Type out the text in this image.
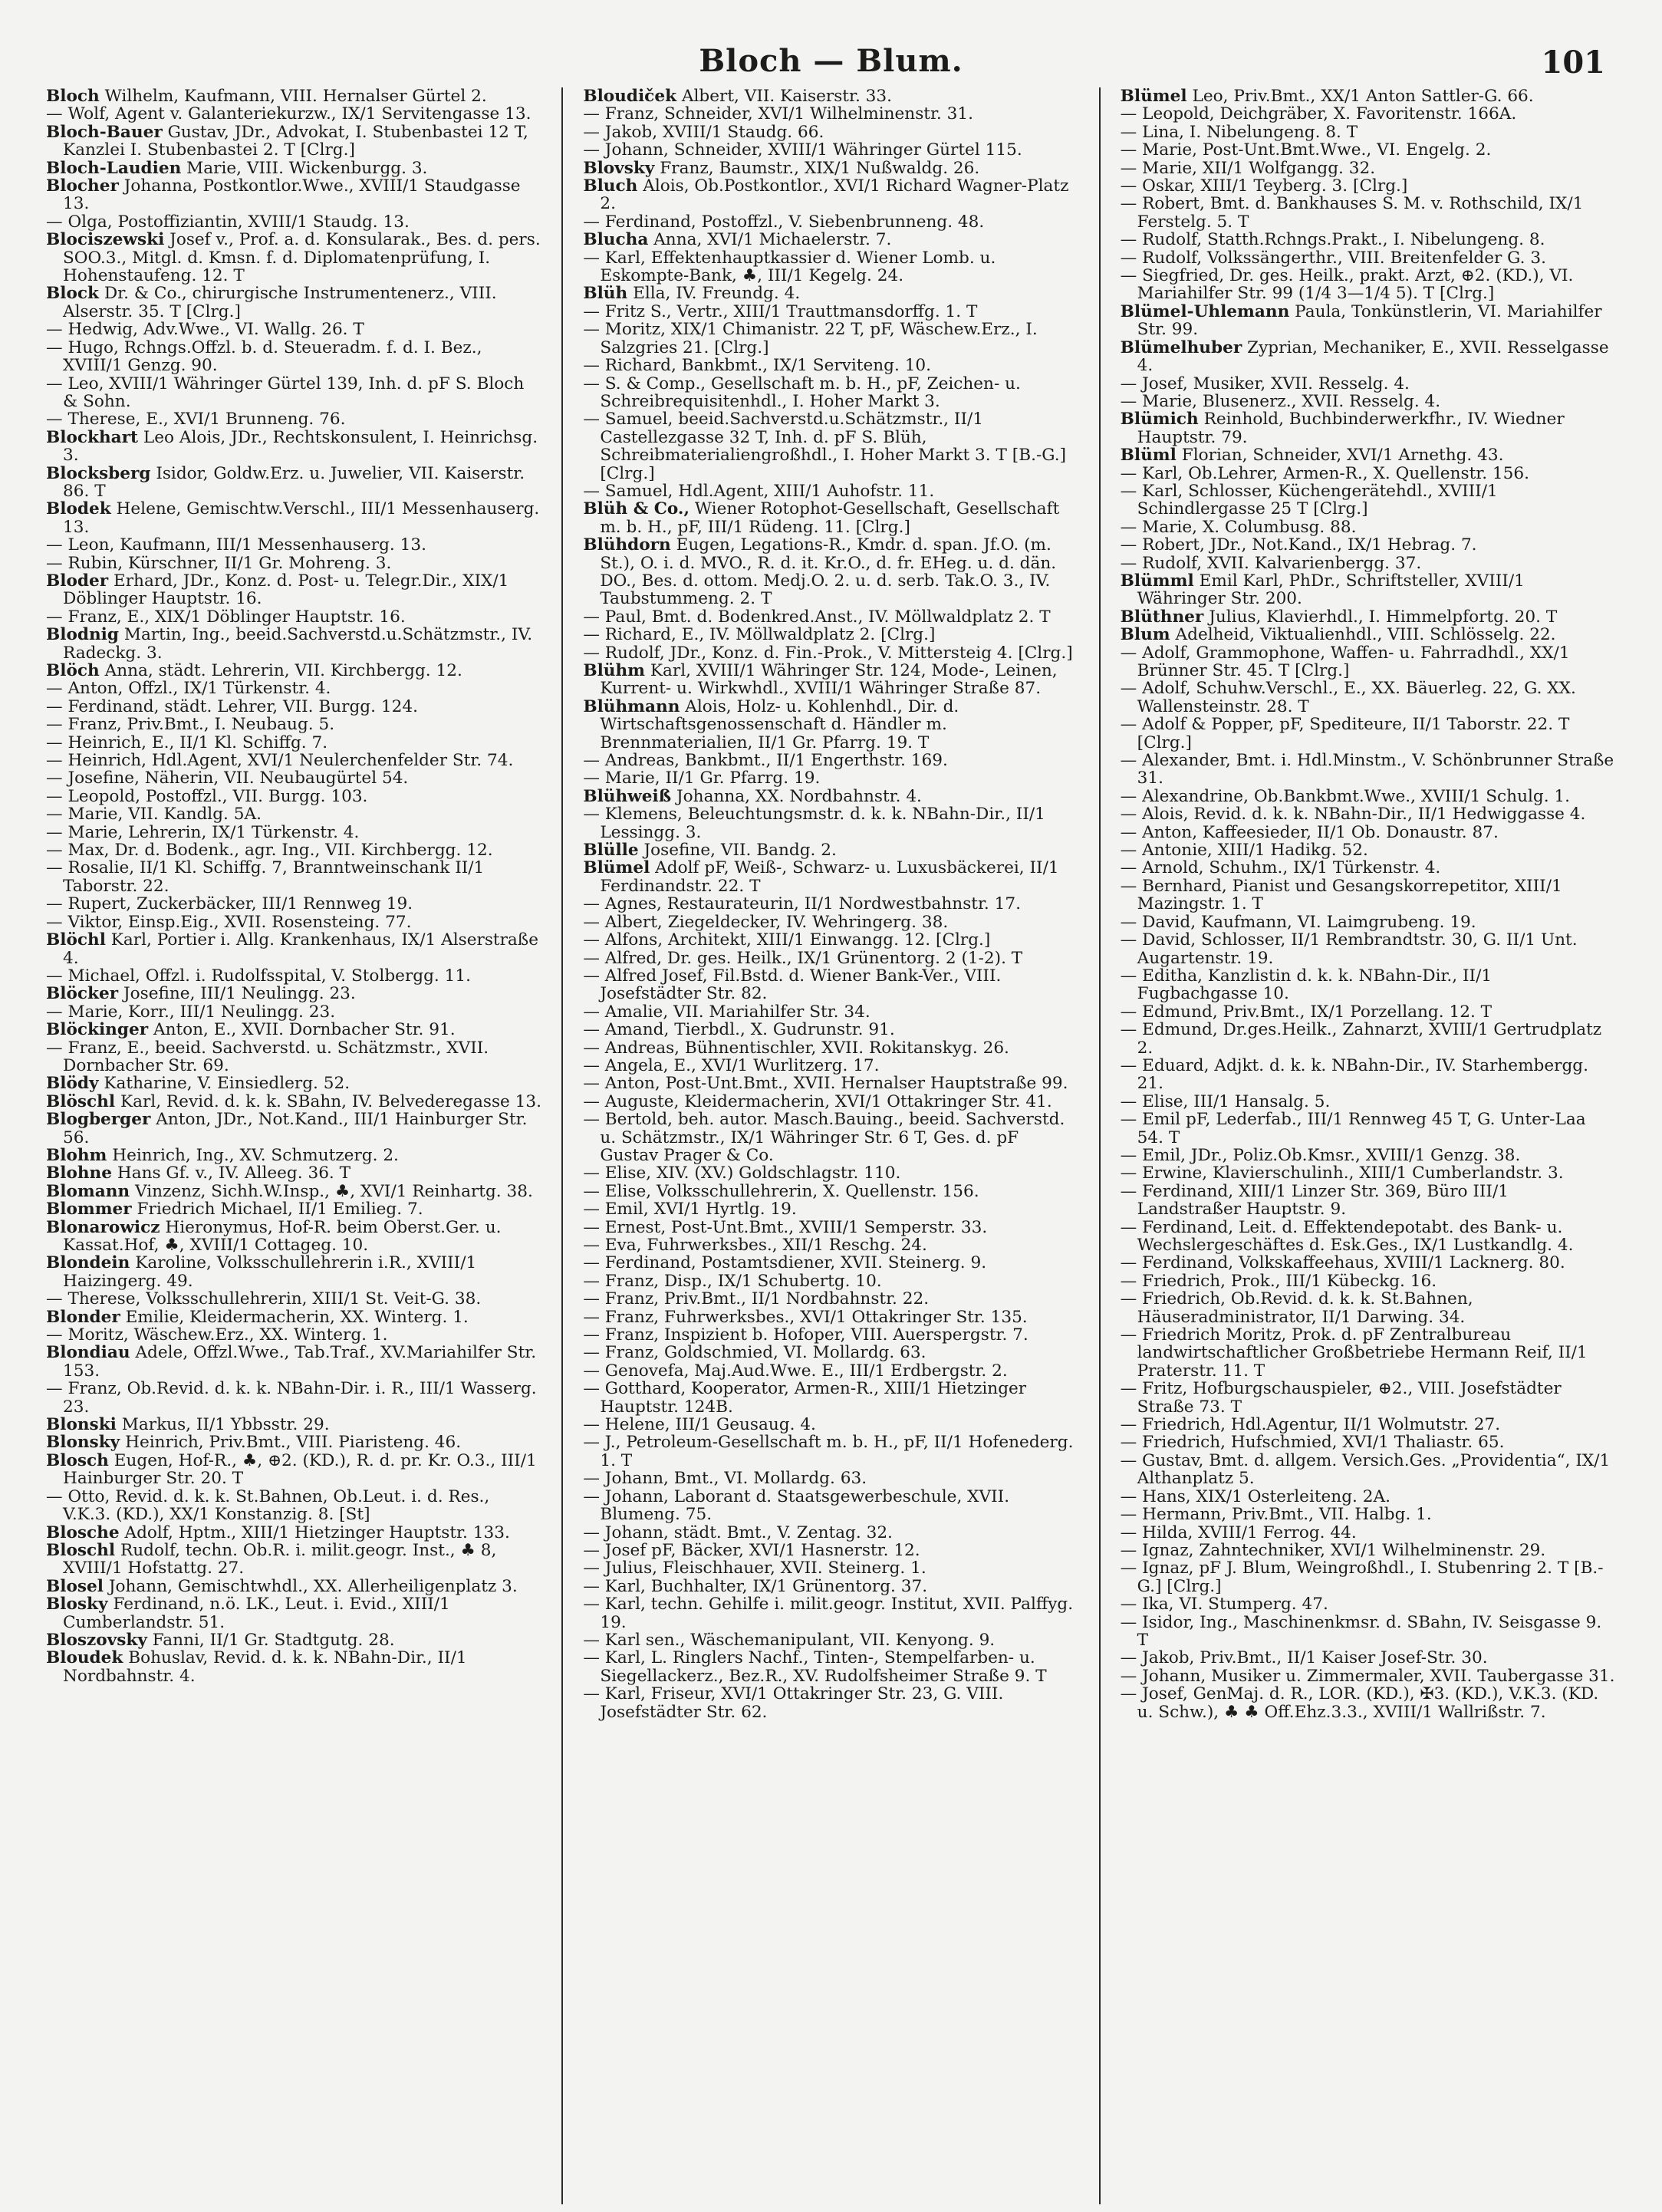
Bloch — Blum.	101

Bloch Wilhelm, Kaufmann, VIII. Hernalser Gürtel 2.

— Wolf, Agent v. Galanteriekurzw., IX/1 Servitengasse 13.

Bloch-Bauer Gustav, JDr., Advokat, I. Stubenbastei 12 T, Kanzlei I. Stubenbastei 2. T [Clrg.]

Bloch-Laudien Marie, VIII. Wickenburgg. 3.

Blocher Johanna, Postkontlor.Wwe., XVIII/1 Staudgasse 13.

— Olga, Postoffiziantin, XVIII/1 Staudg. 13.

Blociszewski Josef v., Prof. a. d. Konsularak., Bes. d. pers. SOO.3., Mitgl. d. Kmsn. f. d. Diplomatenprüfung, I. Hohenstaufeng. 12. T

Block Dr. & Co., chirurgische Instrumentenerz., VIII. Alserstr. 35. T [Clrg.]

— Hedwig, Adv.Wwe., VI. Wallg. 26. T

— Hugo, Rchngs.Offzl. b. d. Steueradm. f. d. I. Bez., XVIII/1 Genzg. 90.

— Leo, XVIII/1 Währinger Gürtel 139, Inh. d. pF S. Bloch & Sohn.

— Therese, E., XVI/1 Brunneng. 76.

Blockhart Leo Alois, JDr., Rechtskonsulent, I. Heinrichsg. 3.

Blocksberg Isidor, Goldw.Erz. u. Juwelier, VII. Kaiserstr. 86. T

Blodek Helene, Gemischtw.Verschl., III/1 Messenhauserg. 13.

— Leon, Kaufmann, III/1 Messenhauserg. 13.

— Rubin, Kürschner, II/1 Gr. Mohreng. 3.

Bloder Erhard, JDr., Konz. d. Post- u. Telegr.Dir., XIX/1 Döblinger Hauptstr. 16.

— Franz, E., XIX/1 Döblinger Hauptstr. 16.

Blodnig Martin, Ing., beeid.Sachverstd.u.Schätzmstr., IV. Radeckg. 3.

Blöch Anna, städt. Lehrerin, VII. Kirchbergg. 12.

— Anton, Offzl., IX/1 Türkenstr. 4.

— Ferdinand, städt. Lehrer, VII. Burgg. 124.

— Franz, Priv.Bmt., I. Neubaug. 5.

— Heinrich, E., II/1 Kl. Schiffg. 7.

— Heinrich, Hdl.Agent, XVI/1 Neulerchenfelder Str. 74.

— Josefine, Näherin, VII. Neubaugürtel 54.

— Leopold, Postoffzl., VII. Burgg. 103.

— Marie, VII. Kandlg. 5A.

— Marie, Lehrerin, IX/1 Türkenstr. 4.

— Max, Dr. d. Bodenk., agr. Ing., VII. Kirchbergg. 12.

— Rosalie, II/1 Kl. Schiffg. 7, Branntweinschank II/1 Taborstr. 22.

— Rupert, Zuckerbäcker, III/1 Rennweg 19.

— Viktor, Einsp.Eig., XVII. Rosensteing. 77.

Blöchl Karl, Portier i. Allg. Krankenhaus, IX/1 Alserstraße 4.

— Michael, Offzl. i. Rudolfsspital, V. Stolbergg. 11.

Blöcker Josefine, III/1 Neulingg. 23.

— Marie, Korr., III/1 Neulingg. 23.

Blöckinger Anton, E., XVII. Dornbacher Str. 91.

— Franz, E., beeid. Sachverstd. u. Schätzmstr., XVII. Dornbacher Str. 69.

Blödy Katharine, V. Einsiedlerg. 52.

Blöschl Karl, Revid. d. k. k. SBahn, IV. Belvederegasse 13.

Blogberger Anton, JDr., Not.Kand., III/1 Hainburger Str. 56.

Blohm Heinrich, Ing., XV. Schmutzerg. 2.

Blohne Hans Gf. v., IV. Alleeg. 36. T

Blomann Vinzenz, Sichh.W.Insp., ♣, XVI/1 Reinhartg. 38.

Blommer Friedrich Michael, II/1 Emilieg. 7.

Blonarowicz Hieronymus, Hof-R. beim Oberst.Ger. u. Kassat.Hof, ♣, XVIII/1 Cottageg. 10.

Blondein Karoline, Volksschullehrerin i.R., XVIII/1 Haizingerg. 49.

— Therese, Volksschullehrerin, XIII/1 St. Veit-G. 38.

Blonder Emilie, Kleidermacherin, XX. Winterg. 1.

— Moritz, Wäschew.Erz., XX. Winterg. 1.

Blondiau Adele, Offzl.Wwe., Tab.Traf., XV.Mariahilfer Str. 153.

— Franz, Ob.Revid. d. k. k. NBahn-Dir. i. R., III/1 Wasserg. 23.

Blonski Markus, II/1 Ybbsstr. 29.

Blonsky Heinrich, Priv.Bmt., VIII. Piaristeng. 46.

Blosch Eugen, Hof-R., ♣, ⊕2. (KD.), R. d. pr. Kr. O.3., III/1 Hainburger Str. 20. T

— Otto, Revid. d. k. k. St.Bahnen, Ob.Leut. i. d. Res., V.K.3. (KD.), XX/1 Konstanzig. 8. [St]

Blosche Adolf, Hptm., XIII/1 Hietzinger Hauptstr. 133.

Bloschl Rudolf, techn. Ob.R. i. milit.geogr. Inst., ♣ 8, XVIII/1 Hofstattg. 27.

Blosel Johann, Gemischtwhdl., XX. Allerheiligenplatz 3.

Blosky Ferdinand, n.ö. LK., Leut. i. Evid., XIII/1 Cumberlandstr. 51.

Bloszovsky Fanni, II/1 Gr. Stadtgutg. 28.

Bloudek Bohuslav, Revid. d. k. k. NBahn-Dir., II/1 Nordbahnstr. 4.

Bloudiček Albert, VII. Kaiserstr. 33.

— Franz, Schneider, XVI/1 Wilhelminenstr. 31.

— Jakob, XVIII/1 Staudg. 66.

— Johann, Schneider, XVIII/1 Währinger Gürtel 115.

Blovsky Franz, Baumstr., XIX/1 Nußwaldg. 26.

Bluch Alois, Ob.Postkontlor., XVI/1 Richard Wagner-Platz 2.

— Ferdinand, Postoffzl., V. Siebenbrunneng. 48.

Blucha Anna, XVI/1 Michaelerstr. 7.

— Karl, Effektenhauptkassier d. Wiener Lomb. u. Eskompte-Bank, ♣, III/1 Kegelg. 24.

Blüh Ella, IV. Freundg. 4.

— Fritz S., Vertr., XIII/1 Trauttmansdorffg. 1. T

— Moritz, XIX/1 Chimanistr. 22 T, pF, Wäschew.Erz., I. Salzgries 21. [Clrg.]

— Richard, Bankbmt., IX/1 Serviteng. 10.

— S. & Comp., Gesellschaft m. b. H., pF, Zeichen- u. Schreibrequisitenhdl., I. Hoher Markt 3.

— Samuel, beeid.Sachverstd.u.Schätzmstr., II/1 Castellezgasse 32 T, Inh. d. pF S. Blüh, Schreibmaterialiengroßhdl., I. Hoher Markt 3. T [B.-G.] [Clrg.]

— Samuel, Hdl.Agent, XIII/1 Auhofstr. 11.

Blüh & Co., Wiener Rotophot-Gesellschaft, Gesellschaft m. b. H., pF, III/1 Rüdeng. 11. [Clrg.]

Blühdorn Eugen, Legations-R., Kmdr. d. span. Jf.O. (m. St.), O. i. d. MVO., R. d. it. Kr.O., d. fr. EHeg. u. d. dän. DO., Bes. d. ottom. Medj.O. 2. u. d. serb. Tak.O. 3., IV. Taubstummeng. 2. T

— Paul, Bmt. d. Bodenkred.Anst., IV. Möllwaldplatz 2. T

— Richard, E., IV. Möllwaldplatz 2. [Clrg.]

— Rudolf, JDr., Konz. d. Fin.-Prok., V. Mittersteig 4. [Clrg.]

Blühm Karl, XVIII/1 Währinger Str. 124, Mode-, Leinen, Kurrent- u. Wirkwhdl., XVIII/1 Währinger Straße 87.

Blühmann Alois, Holz- u. Kohlenhdl., Dir. d. Wirtschaftsgenossenschaft d. Händler m. Brennmaterialien, II/1 Gr. Pfarrg. 19. T

— Andreas, Bankbmt., II/1 Engerthstr. 169.

— Marie, II/1 Gr. Pfarrg. 19.

Blühweiß Johanna, XX. Nordbahnstr. 4.

— Klemens, Beleuchtungsmstr. d. k. k. NBahn-Dir., II/1 Lessingg. 3.

Blülle Josefine, VII. Bandg. 2.

Blümel Adolf pF, Weiß-, Schwarz- u. Luxusbäckerei, II/1 Ferdinandstr. 22. T

— Agnes, Restaurateurin, II/1 Nordwestbahnstr. 17.

— Albert, Ziegeldecker, IV. Wehringerg. 38.

— Alfons, Architekt, XIII/1 Einwangg. 12. [Clrg.]

— Alfred, Dr. ges. Heilk., IX/1 Grünentorg. 2 (1-2). T

— Alfred Josef, Fil.Bstd. d. Wiener Bank-Ver., VIII. Josefstädter Str. 82.

— Amalie, VII. Mariahilfer Str. 34.

— Amand, Tierbdl., X. Gudrunstr. 91.

— Andreas, Bühnentischler, XVII. Rokitanskyg. 26.

— Angela, E., XVI/1 Wurlitzerg. 17.

— Anton, Post-Unt.Bmt., XVII. Hernalser Hauptstraße 99.

— Auguste, Kleidermacherin, XVI/1 Ottakringer Str. 41.

— Bertold, beh. autor. Masch.Bauing., beeid. Sachverstd. u. Schätzmstr., IX/1 Währinger Str. 6 T, Ges. d. pF Gustav Prager & Co.

— Elise, XIV. (XV.) Goldschlagstr. 110.

— Elise, Volksschullehrerin, X. Quellenstr. 156.

— Emil, XVI/1 Hyrtlg. 19.

— Ernest, Post-Unt.Bmt., XVIII/1 Semperstr. 33.

— Eva, Fuhrwerksbes., XII/1 Reschg. 24.

— Ferdinand, Postamtsdiener, XVII. Steinerg. 9.

— Franz, Disp., IX/1 Schubertg. 10.

— Franz, Priv.Bmt., II/1 Nordbahnstr. 22.

— Franz, Fuhrwerksbes., XVI/1 Ottakringer Str. 135.

— Franz, Inspizient b. Hofoper, VIII. Auerspergstr. 7.

— Franz, Goldschmied, VI. Mollardg. 63.

— Genovefa, Maj.Aud.Wwe. E., III/1 Erdbergstr. 2.

— Gotthard, Kooperator, Armen-R., XIII/1 Hietzinger Hauptstr. 124B.

— Helene, III/1 Geusaug. 4.

— J., Petroleum-Gesellschaft m. b. H., pF, II/1 Hofenederg. 1. T

— Johann, Bmt., VI. Mollardg. 63.

— Johann, Laborant d. Staatsgewerbeschule, XVII. Blumeng. 75.

— Johann, städt. Bmt., V. Zentag. 32.

— Josef pF, Bäcker, XVI/1 Hasnerstr. 12.

— Julius, Fleischhauer, XVII. Steinerg. 1.

— Karl, Buchhalter, IX/1 Grünentorg. 37.

— Karl, techn. Gehilfe i. milit.geogr. Institut, XVII. Palffyg. 19.

— Karl sen., Wäschemanipulant, VII. Kenyong. 9.

— Karl, L. Ringlers Nachf., Tinten-, Stempelfarben- u. Siegellackerz., Bez.R., XV. Rudolfsheimer Straße 9. T

— Karl, Friseur, XVI/1 Ottakringer Str. 23, G. VIII. Josefstädter Str. 62.

Blümel Leo, Priv.Bmt., XX/1 Anton Sattler-G. 66.

— Leopold, Deichgräber, X. Favoritenstr. 166A.

— Lina, I. Nibelungeng. 8. T

— Marie, Post-Unt.Bmt.Wwe., VI. Engelg. 2.

— Marie, XII/1 Wolfgangg. 32.

— Oskar, XIII/1 Teyberg. 3. [Clrg.]

— Robert, Bmt. d. Bankhauses S. M. v. Rothschild, IX/1 Ferstelg. 5. T

— Rudolf, Statth.Rchngs.Prakt., I. Nibelungeng. 8.

— Rudolf, Volkssängerthr., VIII. Breitenfelder G. 3.

— Siegfried, Dr. ges. Heilk., prakt. Arzt, ⊕2. (KD.), VI. Mariahilfer Str. 99 (1/4 3—1/4 5). T [Clrg.]

Blümel-Uhlemann Paula, Tonkünstlerin, VI. Mariahilfer Str. 99.

Blümelhuber Zyprian, Mechaniker, E., XVII. Resselgasse 4.

— Josef, Musiker, XVII. Resselg. 4.

— Marie, Blusenerz., XVII. Resselg. 4.

Blümich Reinhold, Buchbinderwerkfhr., IV. Wiedner Hauptstr. 79.

Blüml Florian, Schneider, XVI/1 Arnethg. 43.

— Karl, Ob.Lehrer, Armen-R., X. Quellenstr. 156.

— Karl, Schlosser, Küchengerätehdl., XVIII/1 Schindlergasse 25 T [Clrg.]

— Marie, X. Columbusg. 88.

— Robert, JDr., Not.Kand., IX/1 Hebrag. 7.

— Rudolf, XVII. Kalvarienbergg. 37.

Blümml Emil Karl, PhDr., Schriftsteller, XVIII/1 Währinger Str. 200.

Blüthner Julius, Klavierhdl., I. Himmelpfortg. 20. T

Blum Adelheid, Viktualienhdl., VIII. Schlösselg. 22.

— Adolf, Grammophone, Waffen- u. Fahrradhdl., XX/1 Brünner Str. 45. T [Clrg.]

— Adolf, Schuhw.Verschl., E., XX. Bäuerleg. 22, G. XX. Wallensteinstr. 28. T

— Adolf & Popper, pF, Spediteure, II/1 Taborstr. 22. T [Clrg.]

— Alexander, Bmt. i. Hdl.Minstm., V. Schönbrunner Straße 31.

— Alexandrine, Ob.Bankbmt.Wwe., XVIII/1 Schulg. 1.

— Alois, Revid. d. k. k. NBahn-Dir., II/1 Hedwiggasse 4.

— Anton, Kaffeesieder, II/1 Ob. Donaustr. 87.

— Antonie, XIII/1 Hadikg. 52.

— Arnold, Schuhm., IX/1 Türkenstr. 4.

— Bernhard, Pianist und Gesangskorrepetitor, XIII/1 Mazingstr. 1. T

— David, Kaufmann, VI. Laimgrubeng. 19.

— David, Schlosser, II/1 Rembrandtstr. 30, G. II/1 Unt. Augartenstr. 19.

— Editha, Kanzlistin d. k. k. NBahn-Dir., II/1 Fugbachgasse 10.

— Edmund, Priv.Bmt., IX/1 Porzellang. 12. T

— Edmund, Dr.ges.Heilk., Zahnarzt, XVIII/1 Gertrudplatz 2.

— Eduard, Adjkt. d. k. k. NBahn-Dir., IV. Starhembergg. 21.

— Elise, III/1 Hansalg. 5.

— Emil pF, Lederfab., III/1 Rennweg 45 T, G. Unter-Laa 54. T

— Emil, JDr., Poliz.Ob.Kmsr., XVIII/1 Genzg. 38.

— Erwine, Klavierschulinh., XIII/1 Cumberlandstr. 3.

— Ferdinand, XIII/1 Linzer Str. 369, Büro III/1 Landstraßer Hauptstr. 9.

— Ferdinand, Leit. d. Effektendepotabt. des Bank- u. Wechslergeschäftes d. Esk.Ges., IX/1 Lustkandlg. 4.

— Ferdinand, Volkskaffeehaus, XVIII/1 Lacknerg. 80.

— Friedrich, Prok., III/1 Kübeckg. 16.

— Friedrich, Ob.Revid. d. k. k. St.Bahnen, Häuseradministrator, II/1 Darwing. 34.

— Friedrich Moritz, Prok. d. pF Zentralbureau landwirtschaftlicher Großbetriebe Hermann Reif, II/1 Praterstr. 11. T

— Fritz, Hofburgschauspieler, ⊕2., VIII. Josefstädter Straße 73. T

— Friedrich, Hdl.Agentur, II/1 Wolmutstr. 27.

— Friedrich, Hufschmied, XVI/1 Thaliastr. 65.

— Gustav, Bmt. d. allgem. Versich.Ges. „Providentia“, IX/1 Althanplatz 5.

— Hans, XIX/1 Osterleiteng. 2A.

— Hermann, Priv.Bmt., VII. Halbg. 1.

— Hilda, XVIII/1 Ferrog. 44.

— Ignaz, Zahntechniker, XVI/1 Wilhelminenstr. 29.

— Ignaz, pF J. Blum, Weingroßhdl., I. Stubenring 2. T [B.-G.] [Clrg.]

— Ika, VI. Stumperg. 47.

— Isidor, Ing., Maschinenkmsr. d. SBahn, IV. Seisgasse 9. T

— Jakob, Priv.Bmt., II/1 Kaiser Josef-Str. 30.

— Johann, Musiker u. Zimmermaler, XVII. Taubergasse 31.

— Josef, GenMaj. d. R., LOR. (KD.), ✠3. (KD.), V.K.3. (KD. u. Schw.), ♣ ♣ Off.Ehz.3.3., XVIII/1 Wallrißstr. 7.
